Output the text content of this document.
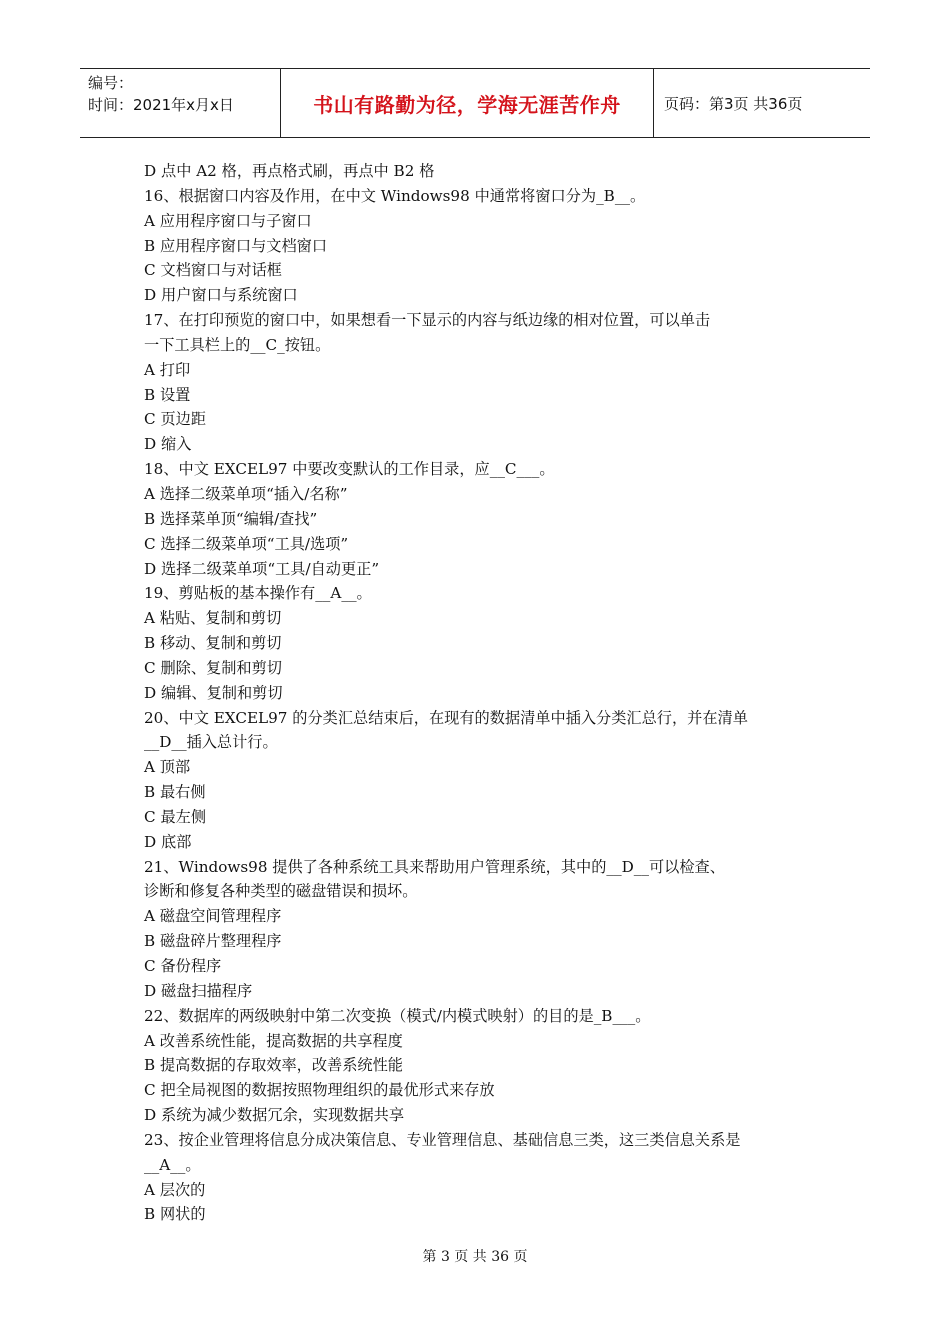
编号：
时间：2021年x月x日	书山有路勤为径，学海无涯苦作舟	页码：第3页 共36页
D 点中 A2 格，再点格式刷，再点中 B2 格
16、根据窗口内容及作用，在中文 Windows98 中通常将窗口分为_B__。
A 应用程序窗口与子窗口
B 应用程序窗口与文档窗口
C 文档窗口与对话框
D 用户窗口与系统窗口
17、在打印预览的窗口中，如果想看一下显示的内容与纸边缘的相对位置，可以单击
一下工具栏上的__C_按钮。
A 打印
B 设置
C 页边距
D 缩入
18、中文 EXCEL97 中要改变默认的工作目录，应__C___。
A 选择二级菜单项“插入/名称”
B 选择菜单顶“编辑/查找”
C 选择二级菜单项“工具/选项”
D 选择二级菜单项“工具/自动更正”
19、剪贴板的基本操作有__A__。
A 粘贴、复制和剪切
B 移动、复制和剪切
C 删除、复制和剪切
D 编辑、复制和剪切
20、中文 EXCEL97 的分类汇总结束后，在现有的数据清单中插入分类汇总行，并在清单
__D__插入总计行。
A 顶部
B 最右侧
C 最左侧
D 底部
21、Windows98 提供了各种系统工具来帮助用户管理系统，其中的__D__可以检查、
诊断和修复各种类型的磁盘错误和损坏。
A 磁盘空间管理程序
B 磁盘碎片整理程序
C 备份程序
D 磁盘扫描程序
22、数据库的两级映射中第二次变换（模式/内模式映射）的目的是_B___。
A 改善系统性能，提高数据的共享程度
B 提高数据的存取效率，改善系统性能
C 把全局视图的数据按照物理组织的最优形式来存放
D 系统为减少数据冗余，实现数据共享
23、按企业管理将信息分成决策信息、专业管理信息、基础信息三类，这三类信息关系是
__A__。
A 层次的
B 网状的
第 3 页 共 36 页
